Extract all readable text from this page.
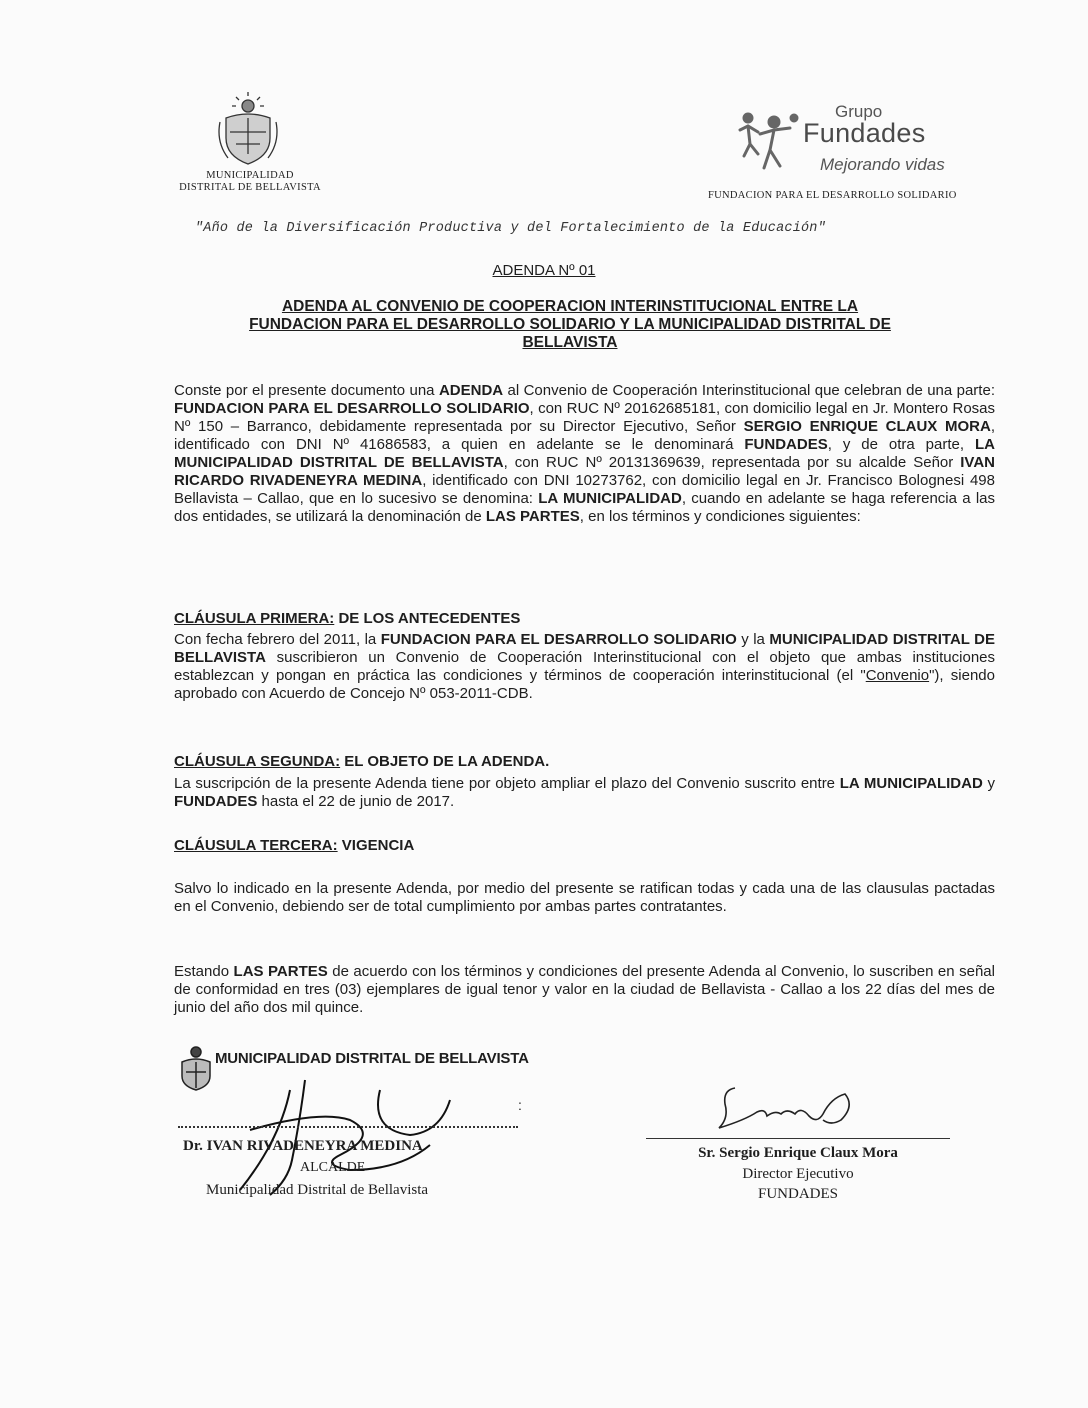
MUNICIPALIDAD
DISTRITAL DE BELLAVISTA
Grupo
Fundades
Mejorando vidas
FUNDACION PARA EL DESARROLLO SOLIDARIO
"Año de la Diversificación Productiva y del Fortalecimiento de la Educación"
ADENDA Nº 01
ADENDA AL CONVENIO DE COOPERACION INTERINSTITUCIONAL ENTRE LA
FUNDACION PARA EL DESARROLLO SOLIDARIO Y LA MUNICIPALIDAD DISTRITAL DE
BELLAVISTA

Conste por el presente documento una ADENDA al Convenio de Cooperación Interinstitucional que celebran de una parte: FUNDACION PARA EL DESARROLLO SOLIDARIO, con RUC Nº 20162685181, con domicilio legal en Jr. Montero Rosas Nº 150 – Barranco, debidamente representada por su Director Ejecutivo, Señor SERGIO ENRIQUE CLAUX MORA, identificado con DNI Nº 41686583, a quien en adelante se le denominará FUNDADES, y de otra parte, LA MUNICIPALIDAD DISTRITAL DE BELLAVISTA, con RUC Nº 20131369639, representada por su alcalde Señor IVAN RICARDO RIVADENEYRA MEDINA, identificado con DNI 10273762, con domicilio legal en Jr. Francisco Bolognesi 498 Bellavista – Callao, que en lo sucesivo se denomina: LA MUNICIPALIDAD, cuando en adelante se haga referencia a las dos entidades, se utilizará la denominación de LAS PARTES, en los términos y condiciones siguientes:

CLÁUSULA PRIMERA: DE LOS ANTECEDENTES

Con fecha febrero del 2011, la FUNDACION PARA EL DESARROLLO SOLIDARIO y la MUNICIPALIDAD DISTRITAL DE BELLAVISTA suscribieron un Convenio de Cooperación Interinstitucional con el objeto que ambas instituciones establezcan y pongan en práctica las condiciones y términos de cooperación interinstitucional (el "Convenio"), siendo aprobado con Acuerdo de Concejo Nº 053-2011-CDB.

CLÁUSULA SEGUNDA: EL OBJETO DE LA ADENDA.

La suscripción de la presente Adenda tiene por objeto ampliar el plazo del Convenio suscrito entre LA MUNICIPALIDAD y FUNDADES hasta el 22 de junio de 2017.

CLÁUSULA TERCERA: VIGENCIA

Salvo lo indicado en la presente Adenda, por medio del presente se ratifican todas y cada una de las clausulas pactadas en el Convenio, debiendo ser de total cumplimiento por ambas partes contratantes.

Estando LAS PARTES de acuerdo con los términos y condiciones del presente Adenda al Convenio, lo suscriben en señal de conformidad en tres (03) ejemplares de igual tenor y valor en la ciudad de Bellavista - Callao a los 22 días del mes de junio del año dos mil quince.

MUNICIPALIDAD DISTRITAL DE BELLAVISTA
:
Dr. IVAN RIVADENEYRA MEDINA
ALCALDE
Municipalidad Distrital de Bellavista
Sr. Sergio Enrique Claux Mora
Director Ejecutivo
FUNDADES
